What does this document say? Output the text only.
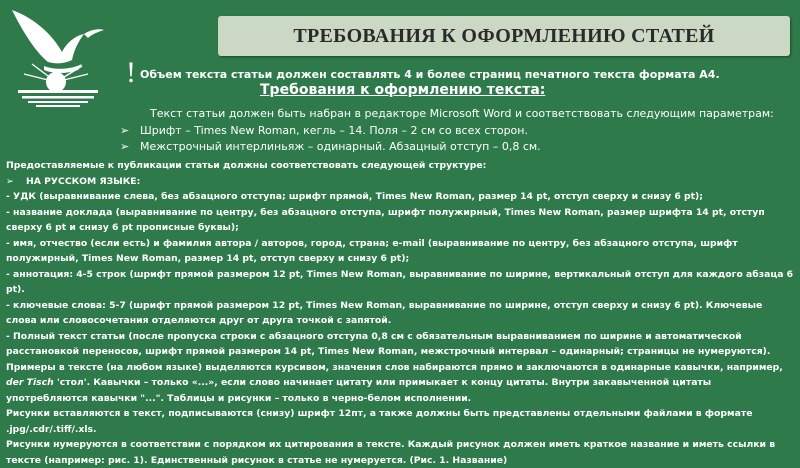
ТРЕБОВАНИЯ К ОФОРМЛЕНИЮ СТАТЕЙ
! Объем текста статьи должен составлять 4 и более страниц печатного текста формата А4.
Требования к оформлению текста:
Текст статьи должен быть набран в редакторе Microsoft Word и соответствовать следующим параметрам:
➢ Шрифт – Times New Roman, кегль – 14. Поля – 2 см со всех сторон.
➢ Межстрочный интерлиньяж – одинарный. Абзацный отступ – 0,8 см.

Предоставляемые к публикации статьи должны соответствовать следующей структуре:

➢ НА РУССКОМ ЯЗЫКЕ:

- УДК (выравнивание слева, без абзацного отступа; шрифт прямой, Times New Roman, размер 14 pt, отступ сверху и снизу 6 pt);

- название доклада (выравнивание по центру, без абзацного отступа, шрифт полужирный, Times New Roman, размер шрифта 14 pt, отступ сверху 6 pt и снизу 6 pt прописные буквы);

- имя, отчество (если есть) и фамилия автора / авторов, город, страна; e-mail (выравнивание по центру, без абзацного отступа, шрифт полужирный, Times New Roman, размер 14 pt, отступ сверху и снизу 6 pt);

- аннотация: 4-5 строк (шрифт прямой размером 12 pt, Times New Roman, выравнивание по ширине, вертикальный отступ для каждого абзаца 6 pt).

- ключевые слова: 5-7 (шрифт прямой размером 12 pt, Times New Roman, выравнивание по ширине, отступ сверху и снизу 6 pt). Ключевые слова или словосочетания отделяются друг от друга точкой с запятой.

- Полный текст статьи (после пропуска строки с абзацного отступа 0,8 см с обязательным выравниванием по ширине и автоматической расстановкой переносов, шрифт прямой размером 14 pt, Times New Roman, межстрочный интервал – одинарный; страницы не нумеруются).

Примеры в тексте (на любом языке) выделяются курсивом, значения слов набираются прямо и заключаются в одинарные кавычки, например, der Tisch 'стол'. Кавычки – только «...», если слово начинает цитату или примыкает к концу цитаты. Внутри закавыченной цитаты употребляются кавычки "...". Таблицы и рисунки – только в черно-белом исполнении.

Рисунки вставляются в текст, подписываются (снизу) шрифт 12пт, а также должны быть представлены отдельными файлами в формате .jpg/.cdr/.tiff/.xls.

Рисунки нумеруются в соответствии с порядком их цитирования в тексте. Каждый рисунок должен иметь краткое название и иметь ссылки в тексте (например: рис. 1). Единственный рисунок в статье не нумеруется. (Рис. 1. Название)
